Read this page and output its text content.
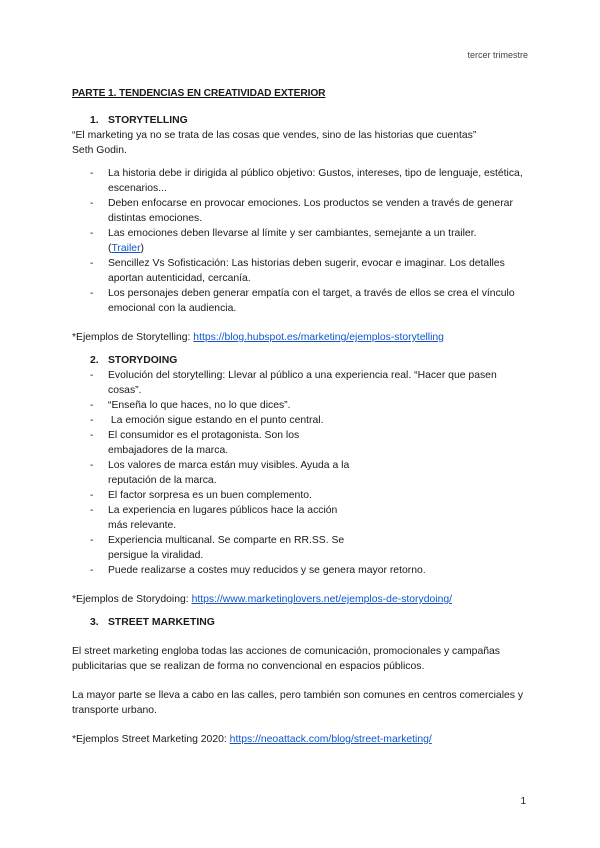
tercer trimestre
PARTE 1. TENDENCIAS EN CREATIVIDAD EXTERIOR
1. STORYTELLING

“El marketing ya no se trata de las cosas que vendes, sino de las historias que cuentas”

Seth Godin.

-	La historia debe ir dirigida al público objetivo: Gustos, intereses, tipo de lenguaje, estética, escenarios...
-	Deben enfocarse en provocar emociones. Los productos se venden a través de generar distintas emociones.
-	Las emociones deben llevarse al límite y ser cambiantes, semejante a un trailer.
(Trailer)
-	Sencillez Vs Sofisticación: Las historias deben sugerir, evocar e imaginar. Los detalles aportan autenticidad, cercanía.
-	Los personajes deben generar empatía con el target, a través de ellos se crea el vínculo emocional con la audiencia.

*Ejemplos de Storytelling: https://blog.hubspot.es/marketing/ejemplos-storytelling

2. STORYDOING
-	Evolución del storytelling: Llevar al público a una experiencia real. “Hacer que pasen cosas”.
-	“Enseña lo que haces, no lo que dices”.
-	La emoción sigue estando en el punto central.
-	El consumidor es el protagonista. Son los embajadores de la marca.
-	Los valores de marca están muy visibles. Ayuda a la reputación de la marca.
-	El factor sorpresa es un buen complemento.
-	La experiencia en lugares públicos hace la acción más relevante.
-	Experiencia multicanal. Se comparte en RR.SS. Se persigue la viralidad.
-	Puede realizarse a costes muy reducidos y se genera mayor retorno.

*Ejemplos de Storydoing: https://www.marketinglovers.net/ejemplos-de-storydoing/

3. STREET MARKETING

El street marketing engloba todas las acciones de comunicación, promocionales y campañas publicitarias que se realizan de forma no convencional en espacios públicos.

La mayor parte se lleva a cabo en las calles, pero también son comunes en centros comerciales y transporte urbano.

*Ejemplos Street Marketing 2020: https://neoattack.com/blog/street-marketing/

1
